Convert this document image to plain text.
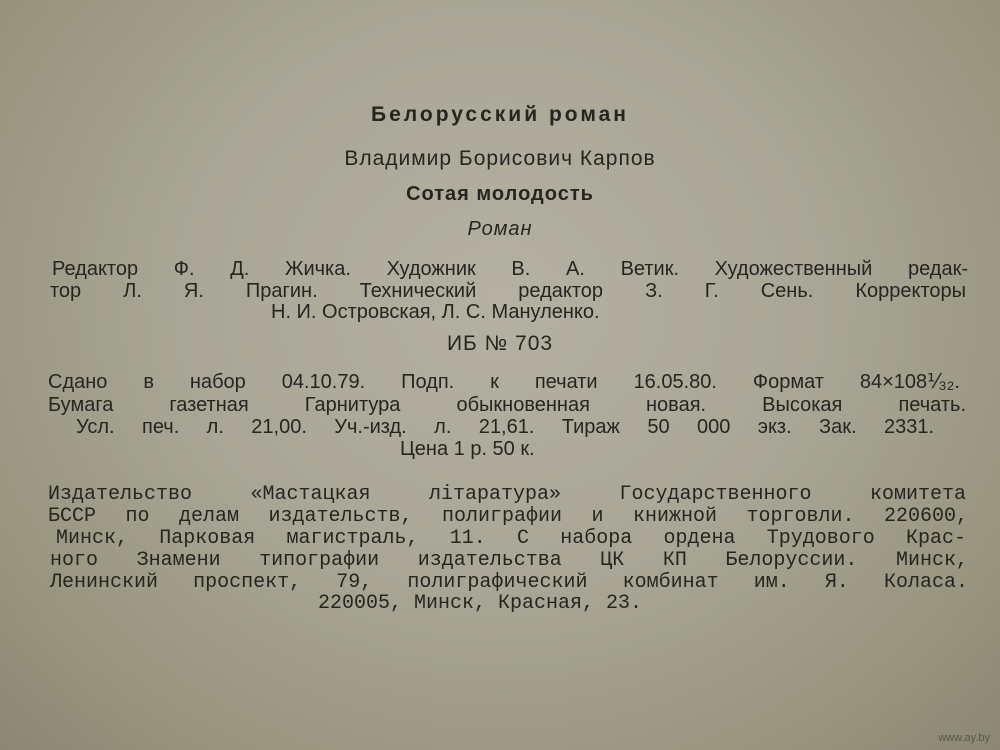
Белорусский роман
Владимир Борисович Карпов
Сотая молодость
Роман
Редактор Ф. Д. Жичка. Художник В. А. Ветик. Художественный редак-
тор Л. Я. Прагин. Технический редактор З. Г. Сень. Корректоры
Н. И. Островская, Л. С. Мануленко.
ИБ № 703
Сдано в набор 04.10.79. Подп. к печати 16.05.80. Формат 84×108⅟₃₂.
Бумага газетная Гарнитура обыкновенная новая. Высокая печать.
Усл. печ. л. 21,00. Уч.-изд. л. 21,61. Тираж 50 000 экз. Зак. 2331.
Цена 1 р. 50 к.
Издательство «Мастацкая літаратура» Государственного комитета
БССР по делам издательств, полиграфии и книжной торговли. 220600,
Минск, Парковая магистраль, 11. С набора ордена Трудового Крас-
ного Знамени типографии издательства ЦК КП Белоруссии. Минск,
Ленинский проспект, 79, полиграфический комбинат им. Я. Коласа.
220005, Минск, Красная, 23.
www.ay.by
